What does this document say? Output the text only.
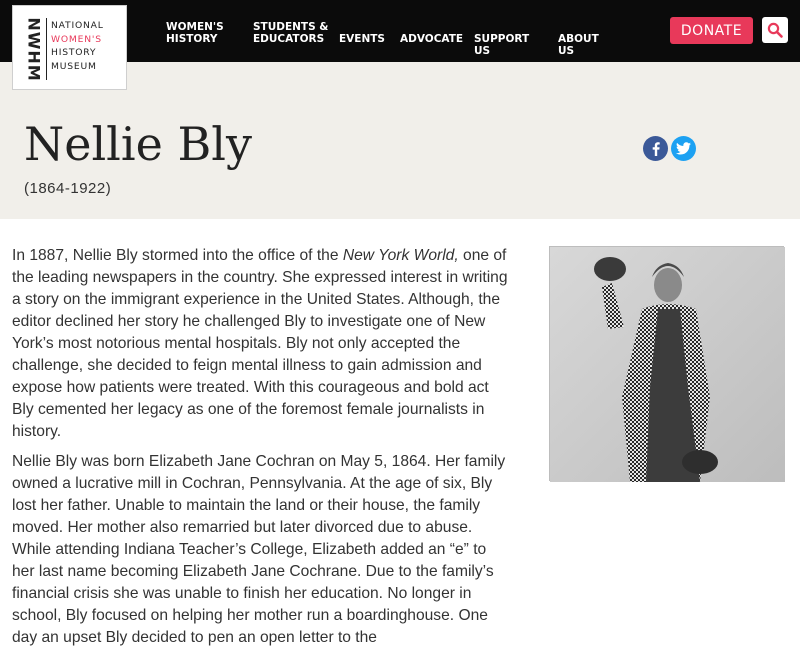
NWHM NATIONAL
WOMEN'S
HISTORY
MUSEUM
WOMEN'S HISTORY
STUDENTS & EDUCATORS	EVENTS ADVOCATE SUPPORT US
ABOUT US
DONATE
Nellie Bly
(1864-1922)

In 1887, Nellie Bly stormed into the office of the New York World, one of the leading newspapers in the country. She expressed interest in writing a story on the immigrant experience in the United States. Although, the editor declined her story he challenged Bly to investigate one of New York’s most notorious mental hospitals. Bly not only accepted the challenge, she decided to feign mental illness to gain admission and expose how patients were treated. With this courageous and bold act Bly cemented her legacy as one of the foremost female journalists in history.

Nellie Bly was born Elizabeth Jane Cochran on May 5, 1864. Her family owned a lucrative mill in Cochran, Pennsylvania. At the age of six, Bly lost her father. Unable to maintain the land or their house, the family moved. Her mother also remarried but later divorced due to abuse. While attending Indiana Teacher’s College, Elizabeth added an “e” to her last name becoming Elizabeth Jane Cochrane. Due to the family’s financial crisis she was unable to finish her education. No longer in school, Bly focused on helping her mother run a boardinghouse. One day an upset Bly decided to pen an open letter to the
